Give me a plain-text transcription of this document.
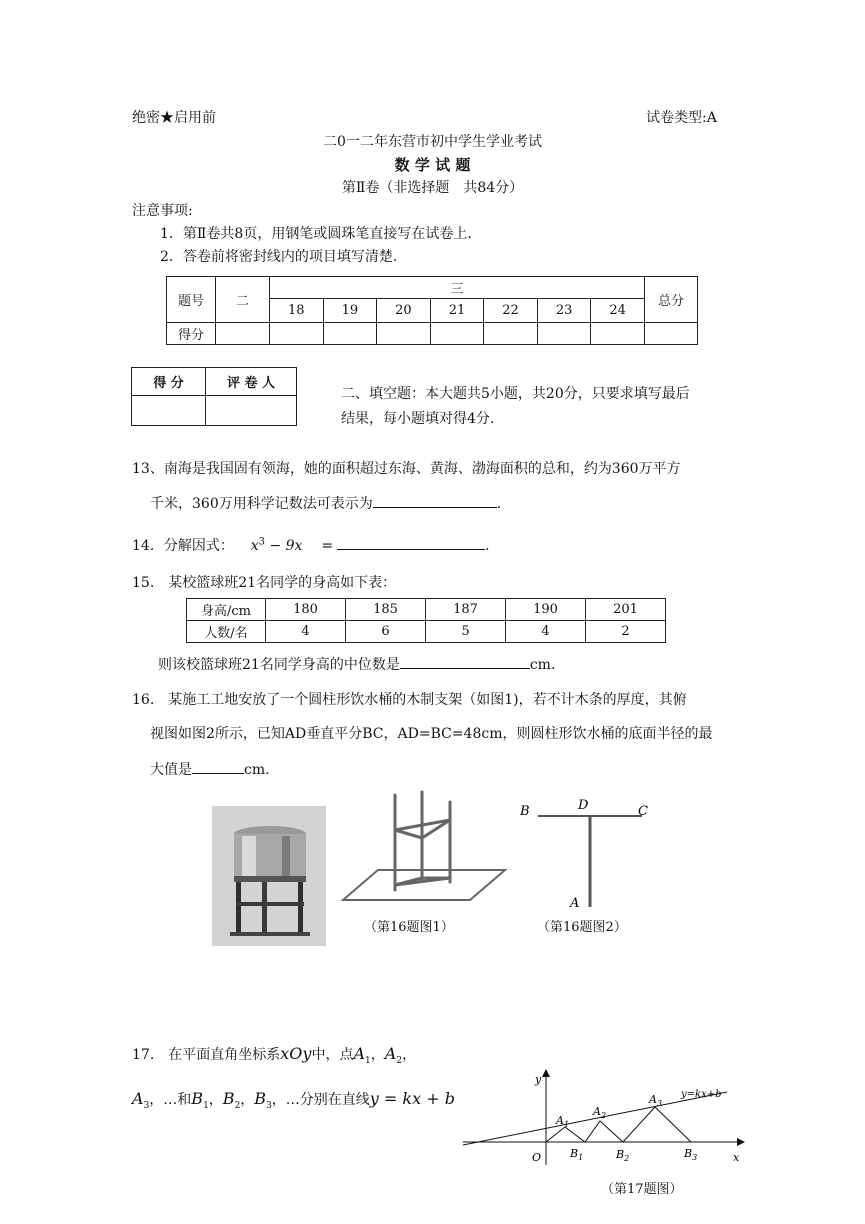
绝密★启用前	试卷类型:A
二0一二年东营市初中学生学业考试
数 学 试 题
第Ⅱ卷（非选择题　共84分）
注意事项:
1．第Ⅱ卷共8页，用钢笔或圆珠笔直接写在试卷上.
2．答卷前将密封线内的项目填写清楚.
题号	二	三							总分
		18	19	20	21	22	23	24	
得分									
得 分	评 卷 人

二、填空题：本大题共5小题，共20分，只要求填写最后
结果，每小题填对得4分.
13、南海是我国固有领海，她的面积超过东海、黄海、渤海面积的总和，约为360万平方
千米，360万用科学记数法可表示为	.
14．分解因式： $x^3 - 9x$ =	.
15.　某校篮球班21名同学的身高如下表：
身高/cm	180	185	187	190	201
人数/名	4	6	5	4	2
则该校篮球班21名同学身高的中位数是	cm.
16.　某施工工地安放了一个圆柱形饮水桶的木制支架（如图1)，若不计木条的厚度，其俯
视图如图2所示，已知AD垂直平分BC，AD=BC=48cm，则圆柱形饮水桶的底面半径的最
大值是	cm.
（第16题图1）
B	D	C
A
（第16题图2）
17.　在平面直角坐标系xOy中，点$A_1$，$A_2$，
$A_3$，…和$B_1$，$B_2$，$B_3$，…分别在直线y = kx + b
y
x
O
y=kx+b
$A_1$
$A_2$
$A_3$
$B_1$	$B_2$	$B_3$
（第17题图）
